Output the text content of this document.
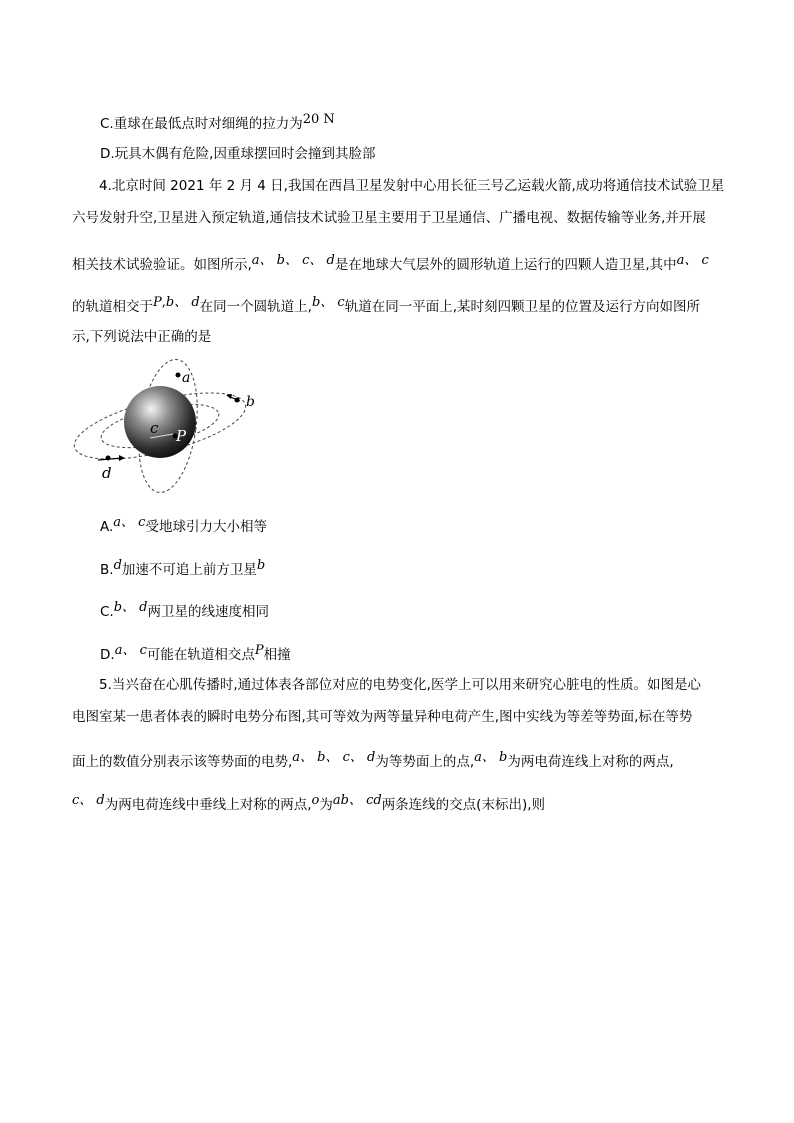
C.重球在最低点时对细绳的拉力为20 N
D.玩具木偶有危险,因重球摆回时会撞到其脸部
4.北京时间 2021 年 2 月 4 日,我国在西昌卫星发射中心用长征三号乙运载火箭,成功将通信技术试验卫星
六号发射升空,卫星进入预定轨道,通信技术试验卫星主要用于卫星通信、广播电视、数据传输等业务,并开展
相关技术试验验证。如图所示,a、 b、 c、 d是在地球大气层外的圆形轨道上运行的四颗人造卫星,其中a、 c
的轨道相交于P,b、 d在同一个圆轨道上,b、 c轨道在同一平面上,某时刻四颗卫星的位置及运行方向如图所
示,下列说法中正确的是
a
b
P
c
d
A.a、 c受地球引力大小相等
B.d加速不可追上前方卫星b
C.b、 d两卫星的线速度相同
D.a、 c可能在轨道相交点P相撞
5.当兴奋在心肌传播时,通过体表各部位对应的电势变化,医学上可以用来研究心脏电的性质。如图是心
电图室某一患者体表的瞬时电势分布图,其可等效为两等量异种电荷产生,图中实线为等差等势面,标在等势
面上的数值分别表示该等势面的电势,a、 b、 c、 d为等势面上的点,a、 b为两电荷连线上对称的两点,
c、 d为两电荷连线中垂线上对称的两点,o为ab、 cd两条连线的交点(末标出),则
